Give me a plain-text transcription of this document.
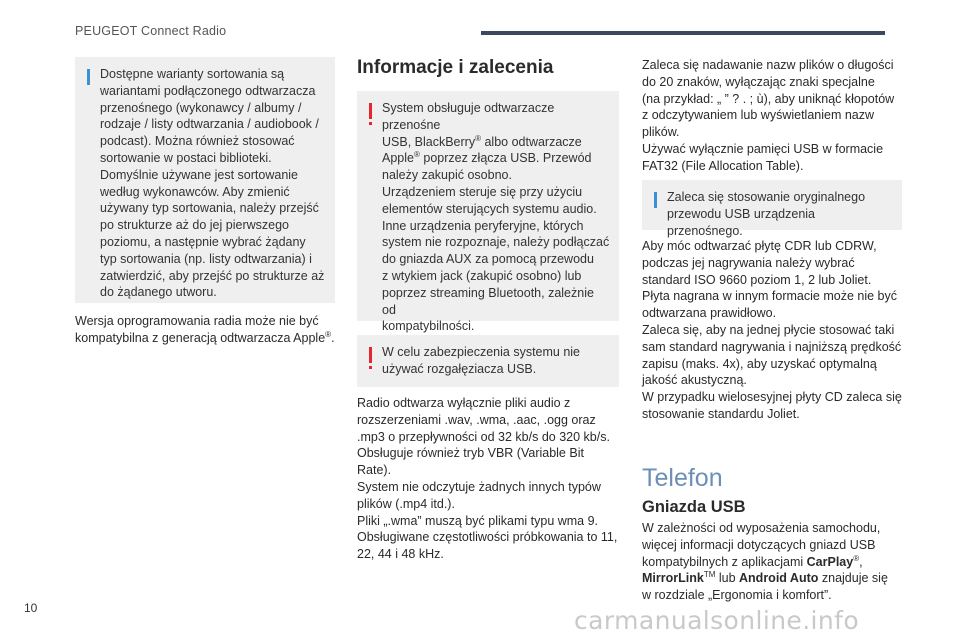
PEUGEOT Connect Radio

Dostępne warianty sortowania są

wariantami podłączonego odtwarzacza

przenośnego (wykonawcy / albumy /

rodzaje / listy odtwarzania / audiobook /

podcast). Można również stosować

sortowanie w postaci biblioteki.

Domyślnie używane jest sortowanie

według wykonawców. Aby zmienić

używany typ sortowania, należy przejść

po strukturze aż do jej pierwszego

poziomu, a następnie wybrać żądany

typ sortowania (np. listy odtwarzania) i

zatwierdzić, aby przejść po strukturze aż

do żądanego utworu.

Wersja oprogramowania radia może nie być

kompatybilna z generacją odtwarzacza Apple®.

Informacje i zalecenia

System obsługuje odtwarzacze przenośne

USB, BlackBerry® albo odtwarzacze

Apple® poprzez złącza USB. Przewód

należy zakupić osobno.

Urządzeniem steruje się przy użyciu

elementów sterujących systemu audio.

Inne urządzenia peryferyjne, których

system nie rozpoznaje, należy podłączać

do gniazda AUX za pomocą przewodu

z wtykiem jack (zakupić osobno) lub

poprzez streaming Bluetooth, zależnie od

kompatybilności.

W celu zabezpieczenia systemu nie

używać rozgałęziacza USB.

Radio odtwarza wyłącznie pliki audio z

rozszerzeniami .wav, .wma, .aac, .ogg oraz

.mp3 o przepływności od 32 kb/s do 320 kb/s.

Obsługuje również tryb VBR (Variable Bit

Rate).

System nie odczytuje żadnych innych typów

plików (.mp4 itd.).

Pliki „.wma” muszą być plikami typu wma 9.

Obsługiwane częstotliwości próbkowania to 11,

22, 44 i 48 kHz.

Zaleca się nadawanie nazw plików o długości

do 20 znaków, wyłączając znaki specjalne

(na przykład: „ ” ? . ; ù), aby uniknąć kłopotów

z odczytywaniem lub wyświetlaniem nazw

plików.

Używać wyłącznie pamięci USB w formacie

FAT32 (File Allocation Table).

Zaleca się stosowanie oryginalnego

przewodu USB urządzenia przenośnego.

Aby móc odtwarzać płytę CDR lub CDRW,

podczas jej nagrywania należy wybrać

standard ISO 9660 poziom 1, 2 lub Joliet.

Płyta nagrana w innym formacie może nie być

odtwarzana prawidłowo.

Zaleca się, aby na jednej płycie stosować taki

sam standard nagrywania i najniższą prędkość

zapisu (maks. 4x), aby uzyskać optymalną

jakość akustyczną.

W przypadku wielosesyjnej płyty CD zaleca się

stosowanie standardu Joliet.

Telefon
Gniazda USB

W zależności od wyposażenia samochodu,

więcej informacji dotyczących gniazd USB

kompatybilnych z aplikacjami CarPlay®,

MirrorLink™ lub Android Auto znajduje się

w rozdziale „Ergonomia i komfort”.

10	carmanualsonline.info
